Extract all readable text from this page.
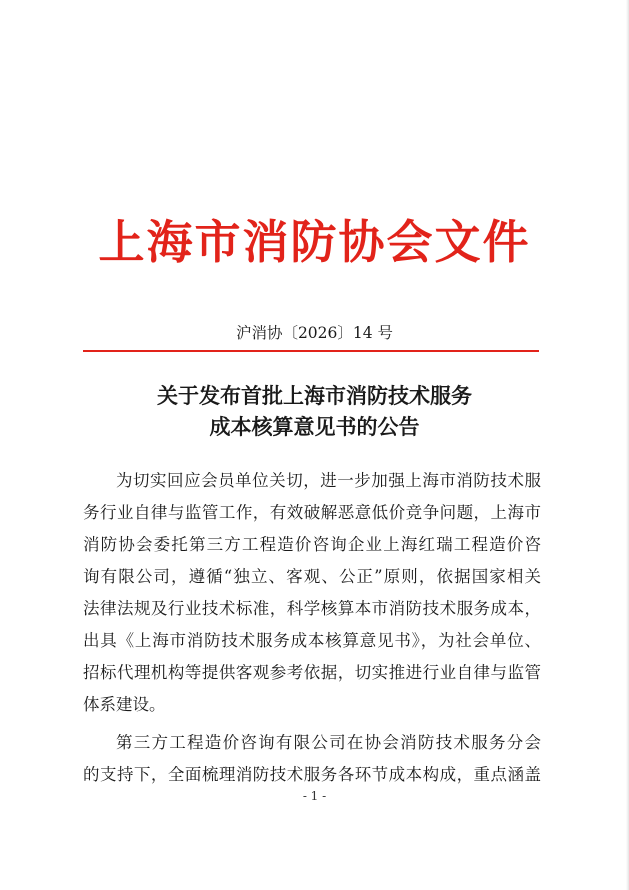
上海市消防协会文件
沪消协〔2026〕14 号
关于发布首批上海市消防技术服务
成本核算意见书的公告
为切实回应会员单位关切，进一步加强上海市消防技术服
务行业自律与监管工作，有效破解恶意低价竞争问题，上海市
消防协会委托第三方工程造价咨询企业上海红瑞工程造价咨
询有限公司，遵循“独立、客观、公正”原则，依据国家相关
法律法规及行业技术标准，科学核算本市消防技术服务成本，
出具《上海市消防技术服务成本核算意见书》，为社会单位、
招标代理机构等提供客观参考依据，切实推进行业自律与监管
体系建设。
第三方工程造价咨询有限公司在协会消防技术服务分会
的支持下，全面梳理消防技术服务各环节成本构成，重点涵盖
- 1 -
